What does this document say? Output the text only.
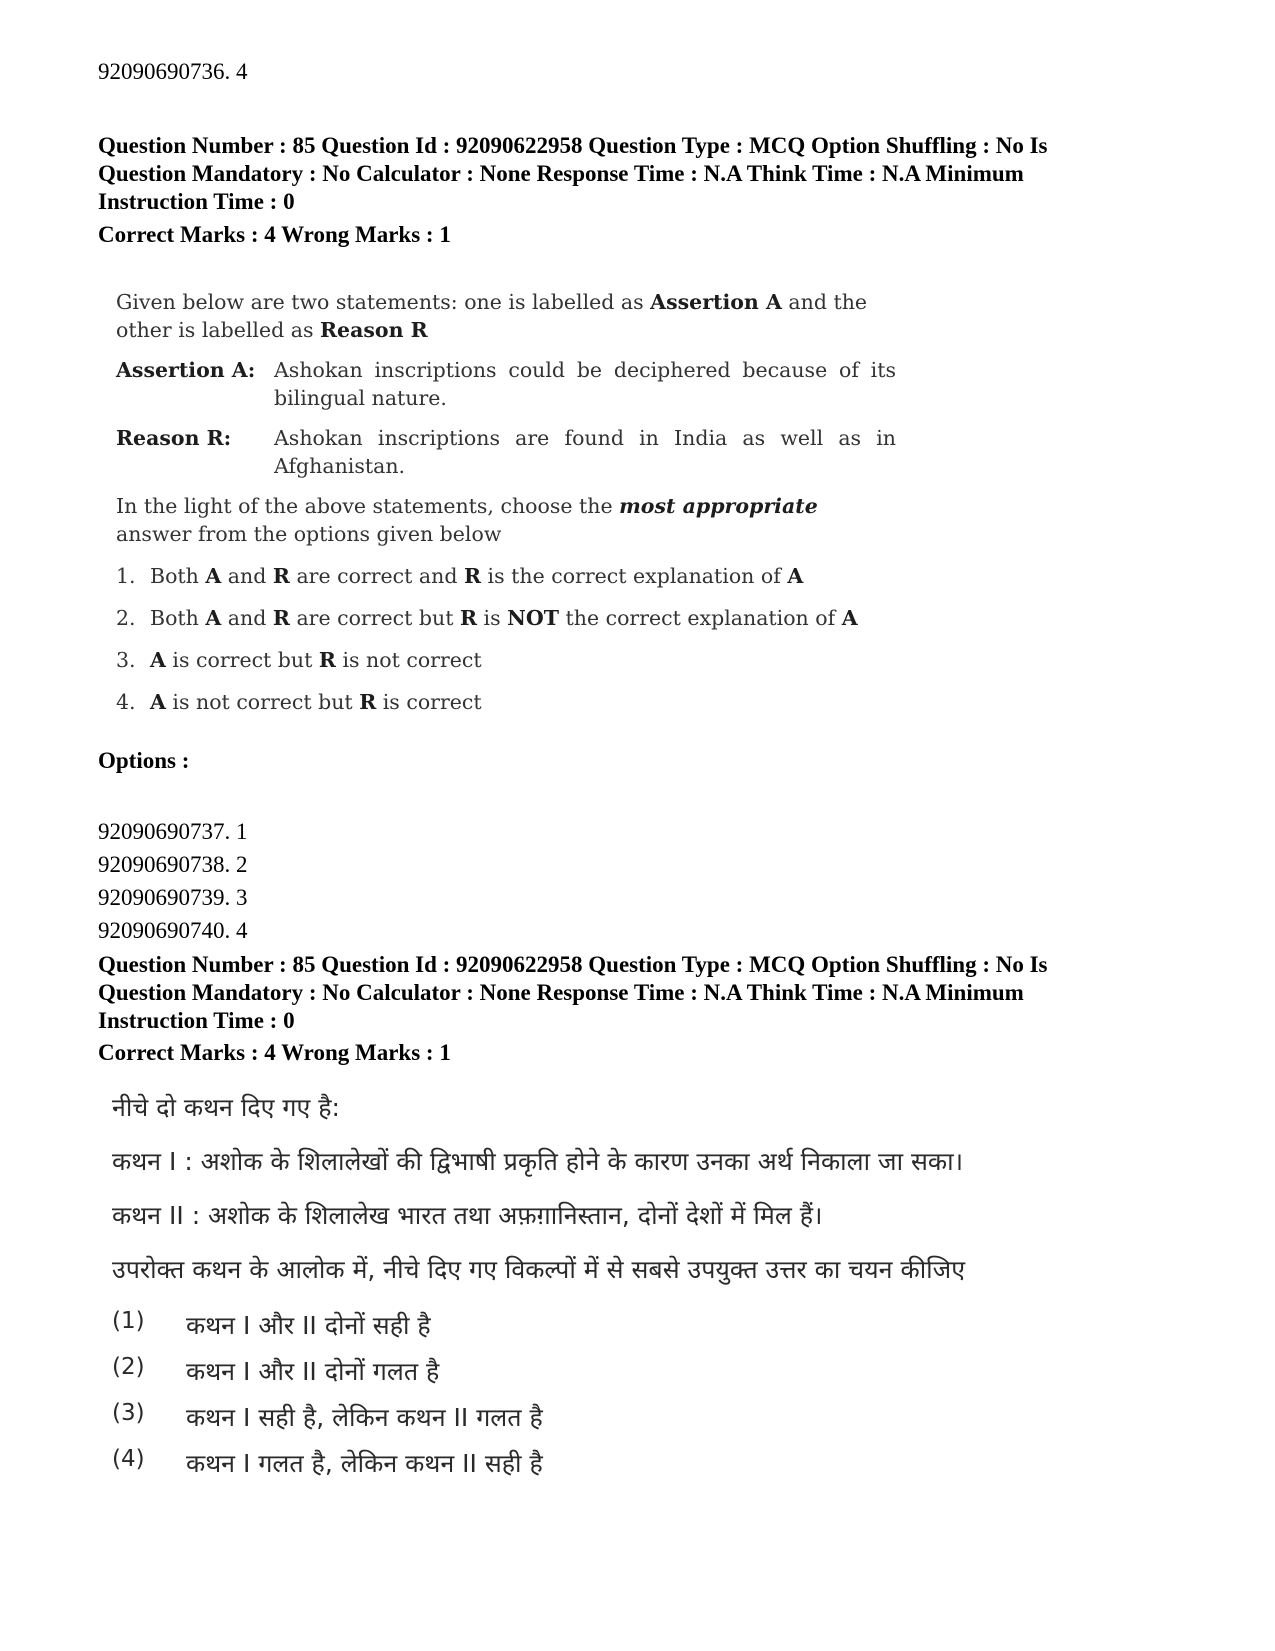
92090690736. 4
Question Number : 85 Question Id : 92090622958 Question Type : MCQ Option Shuffling : No Is
Question Mandatory : No Calculator : None Response Time : N.A Think Time : N.A Minimum
Instruction Time : 0
Correct Marks : 4 Wrong Marks : 1

Given below are two statements: one is labelled as Assertion A and the other is labelled as Reason R

Assertion A: Ashokan inscriptions could be deciphered because of its bilingual nature.
Reason R:	Ashokan inscriptions are found in India as well as in Afghanistan.

In the light of the above statements, choose the most appropriate answer from the options given below

1. Both A and R are correct and R is the correct explanation of A
2. Both A and R are correct but R is NOT the correct explanation of A
3. A is correct but R is not correct
4. A is not correct but R is correct
Options :
92090690737. 1
92090690738. 2
92090690739. 3
92090690740. 4
Question Number : 85 Question Id : 92090622958 Question Type : MCQ Option Shuffling : No Is
Question Mandatory : No Calculator : None Response Time : N.A Think Time : N.A Minimum
Instruction Time : 0
Correct Marks : 4 Wrong Marks : 1
नीचे दो कथन दिए गए है:
कथन I : अशोक के शिलालेखों की द्विभाषी प्रकृति होने के कारण उनका अर्थ निकाला जा सका।
कथन II : अशोक के शिलालेख भारत तथा अफ़ग़ानिस्तान, दोनों देशों में मिल हैं।
उपरोक्त कथन के आलोक में, नीचे दिए गए विकल्पों में से सबसे उपयुक्त उत्तर का चयन कीजिए
(1)	कथन I और II दोनों सही है
(2)	कथन I और II दोनों गलत है
(3)	कथन I सही है, लेकिन कथन II गलत है
(4)	कथन I गलत है, लेकिन कथन II सही है
